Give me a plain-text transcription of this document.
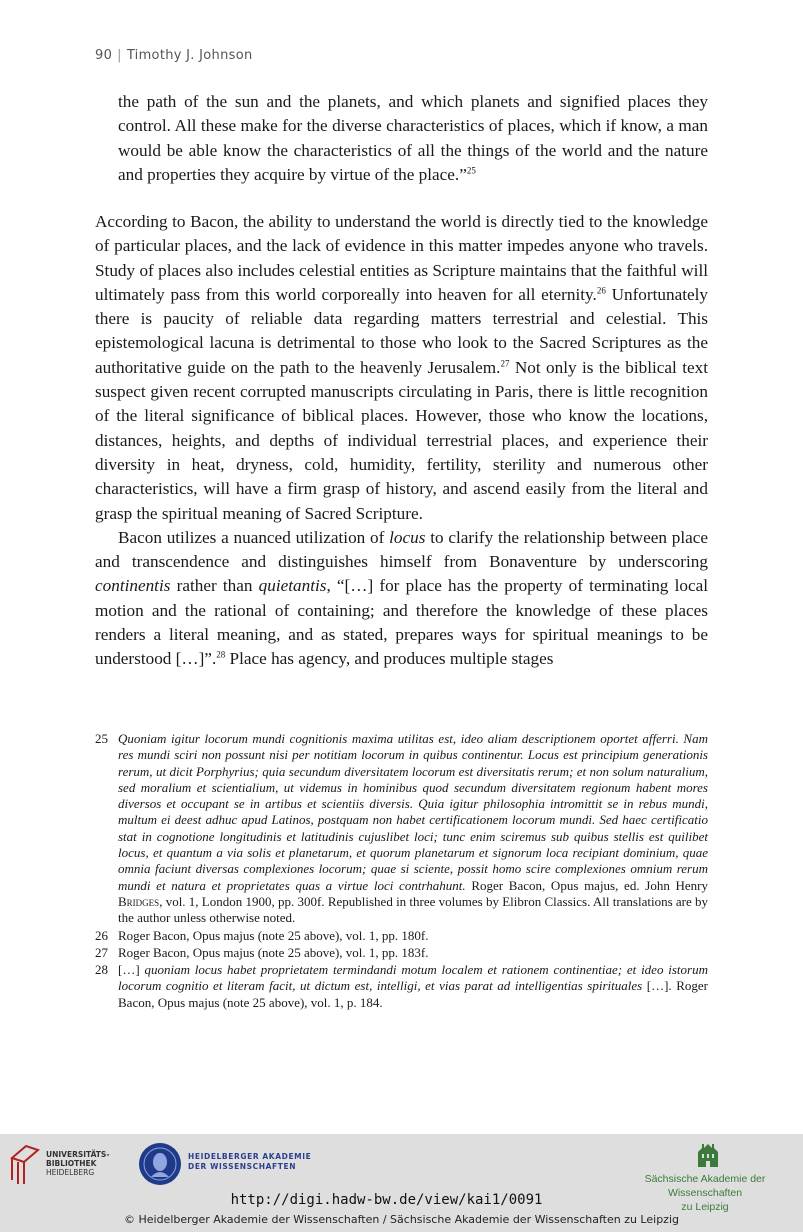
90 | Timothy J. Johnson
the path of the sun and the planets, and which planets and signified places they control. All these make for the diverse characteristics of places, which if know, a man would be able know the characteristics of all the things of the world and the nature and properties they acquire by virtue of the place.”$^{25}$

According to Bacon, the ability to understand the world is directly tied to the knowledge of particular places, and the lack of evidence in this matter impedes anyone who travels. Study of places also includes celestial entities as Scripture maintains that the faithful will ultimately pass from this world corporeally into heaven for all eternity.$^{26}$ Unfortunately there is paucity of reliable data regarding matters terrestrial and celestial. This epistemological lacuna is detrimental to those who look to the Sacred Scriptures as the authoritative guide on the path to the heavenly Jerusalem.$^{27}$ Not only is the biblical text suspect given recent corrupted manuscripts circulating in Paris, there is little recognition of the literal significance of biblical places. However, those who know the locations, distances, heights, and depths of individual terrestrial places, and experience their diversity in heat, dryness, cold, humidity, fertility, sterility and numerous other characteristics, will have a firm grasp of history, and ascend easily from the literal and grasp the spiritual meaning of Sacred Scripture.

Bacon utilizes a nuanced utilization of locus to clarify the relationship between place and transcendence and distinguishes himself from Bonaventure by underscoring continentis rather than quietantis, “[…] for place has the property of terminating local motion and the rational of containing; and therefore the knowledge of these places renders a literal meaning, and as stated, prepares ways for spiritual meanings to be understood […]”.$^{28}$ Place has agency, and produces multiple stages

25 Quoniam igitur locorum mundi cognitionis maxima utilitas est, ideo aliam descriptionem oportet afferri. Nam res mundi sciri non possunt nisi per notitiam locorum in quibus continentur. Locus est principium generationis rerum, ut dicit Porphyrius; quia secundum diversitatem locorum est diversitatis rerum; et non solum naturalium, sed moralium et scientialium, ut videmus in hominibus quod secundum diversitatem regionum habent mores diversos et occupant se in artibus et scientiis diversis. Quia igitur philosophia intromittit se in rebus mundi, multum ei deest adhuc apud Latinos, postquam non habet certificationem locorum mundi. Sed haec certificatio stat in cognotione longitudinis et latitudinis cujuslibet loci; tunc enim sciremus sub quibus stellis est quilibet locus, et quantum a via solis et planetarum, et quorum planetarum et signorum loca recipiant dominium, quae omnia faciunt diversas complexiones locorum; quae si sciente, possit homo scire complexiones omnium rerum mundi et natura et proprietates quas a virtue loci contrhahunt. Roger Bacon, Opus majus, ed. John Henry Bridges, vol. 1, London 1900, pp. 300f. Republished in three volumes by Elibron Classics. All translations are by the author unless otherwise noted.
26 Roger Bacon, Opus majus (note 25 above), vol. 1, pp. 180f.
27 Roger Bacon, Opus majus (note 25 above), vol. 1, pp. 183f.
28 […] quoniam locus habet proprietatem termindandi motum localem et rationem continentiae; et ideo istorum locorum cognitio et literam facit, ut dictum est, intelligi, et vias parat ad intelligentias spirituales […]. Roger Bacon, Opus majus (note 25 above), vol. 1, p. 184.
UNIVERSITÄTS-
BIBLIOTHEK
HEIDELBERG
HEIDELBERGER AKADEMIE
DER WISSENSCHAFTEN
Sächsische Akademie der Wissenschaften
zu Leipzig
http://digi.hadw-bw.de/view/kai1/0091
© Heidelberger Akademie der Wissenschaften / Sächsische Akademie der Wissenschaften zu Leipzig
